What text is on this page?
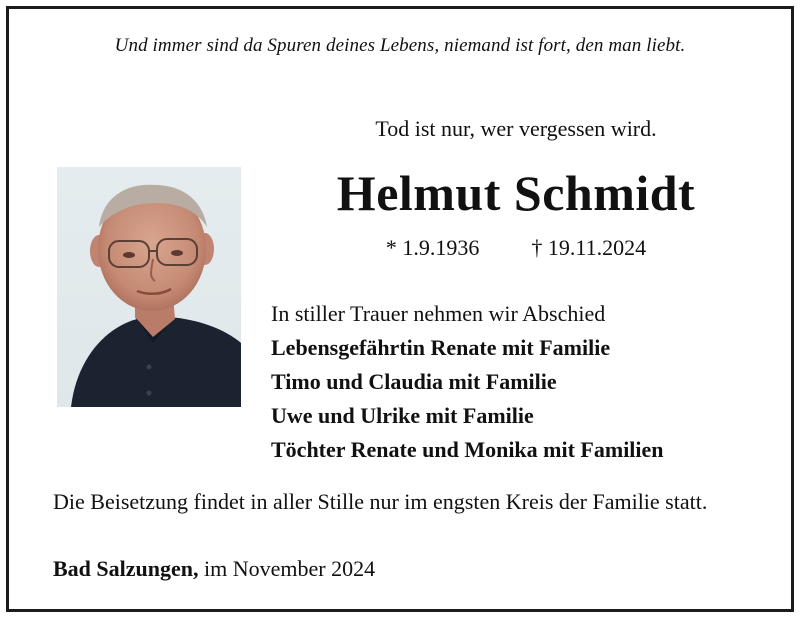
Und immer sind da Spuren deines Lebens, niemand ist fort, den man liebt.
Tod ist nur, wer vergessen wird.
Helmut Schmidt
* 1.9.1936 † 19.11.2024
In stiller Trauer nehmen wir Abschied
Lebensgefährtin Renate mit Familie
Timo und Claudia mit Familie
Uwe und Ulrike mit Familie
Töchter Renate und Monika mit Familien
Die Beisetzung findet in aller Stille nur im engsten Kreis der Familie statt.
Bad Salzungen, im November 2024
